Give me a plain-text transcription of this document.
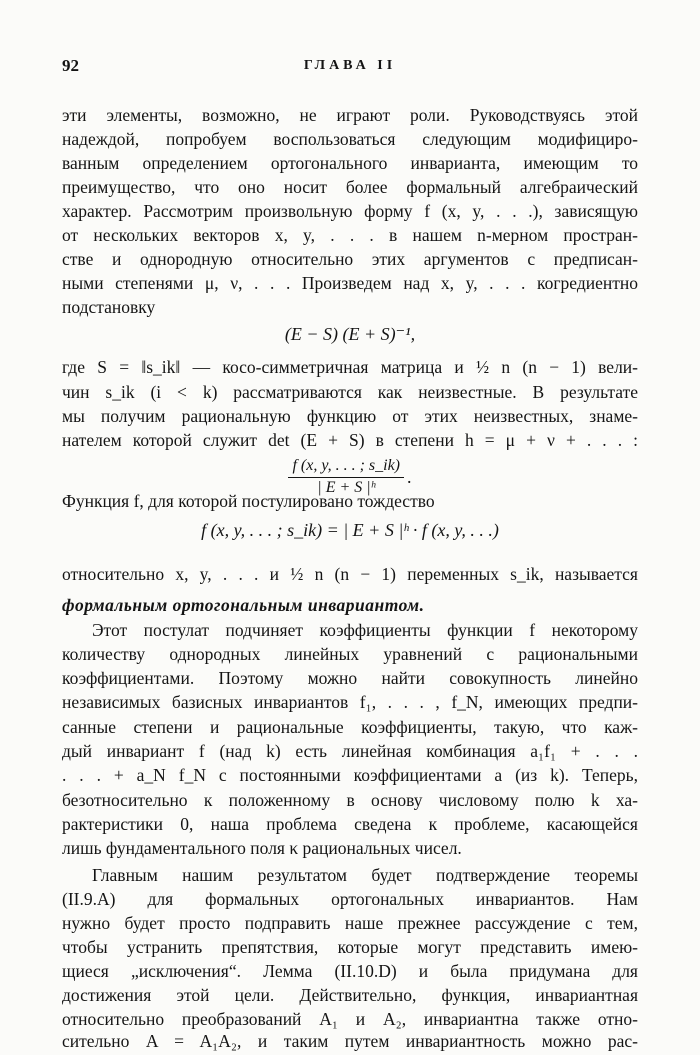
92	ГЛАВА II
эти элементы, возможно, не играют роли. Руководствуясь этой
надеждой, попробуем воспользоваться следующим модифициро-
ванным определением ортогонального инварианта, имеющим то
преимущество, что оно носит более формальный алгебраический
характер. Рассмотрим произвольную форму f (x, y, . . .), зависящую
от нескольких векторов x, y, . . . в нашем n-мерном простран-
стве и однородную относительно этих аргументов с предписан-
ными степенями μ, ν, . . . Произведем над x, y, . . . когредиентно
подстановку
(E − S) (E + S)⁻¹,
где S = ‖s_ik‖ — косо-симметричная матрица и ½ n (n − 1) вели-
чин s_ik (i < k) рассматриваются как неизвестные. В результате
мы получим рациональную функцию от этих неизвестных, знаме-
нателем которой служит det (E + S) в степени h = μ + ν + . . . :
$\frac{f (x, y, . . . ; s\_ik)}{\text{| E + S |ʰ}}$ .
Функция f, для которой постулировано тождество
f (x, y, . . . ; s_ik) = | E + S |ʰ · f (x, y, . . .)
относительно x, y, . . . и ½ n (n − 1) переменных s_ik, называется
формальным ортогональным инвариантом.
Этот постулат подчиняет коэффициенты функции f некоторому
количеству однородных линейных уравнений с рациональными
коэффициентами. Поэтому можно найти совокупность линейно
независимых базисных инвариантов f₁, . . . , f_N, имеющих предпи-
санные степени и рациональные коэффициенты, такую, что каж-
дый инвариант f (над k) есть линейная комбинация a₁f₁ + . . .
. . . + a_N f_N с постоянными коэффициентами a (из k). Теперь,
безотносительно к положенному в основу числовому полю k ха-
рактеристики 0, наша проблема сведена к проблеме, касающейся
лишь фундаментального поля κ рациональных чисел.
Главным нашим результатом будет подтверждение теоремы
(II.9.A) для формальных ортогональных инвариантов. Нам
нужно будет просто подправить наше прежнее рассуждение с тем,
чтобы устранить препятствия, которые могут представить имею-
щиеся „исключения“. Лемма (II.10.D) и была придумана для
достижения этой цели. Действительно, функция, инвариантная
относительно преобразований A₁ и A₂, инвариантна также отно-
сительно A = A₁A₂, и таким путем инвариантность можно рас-
